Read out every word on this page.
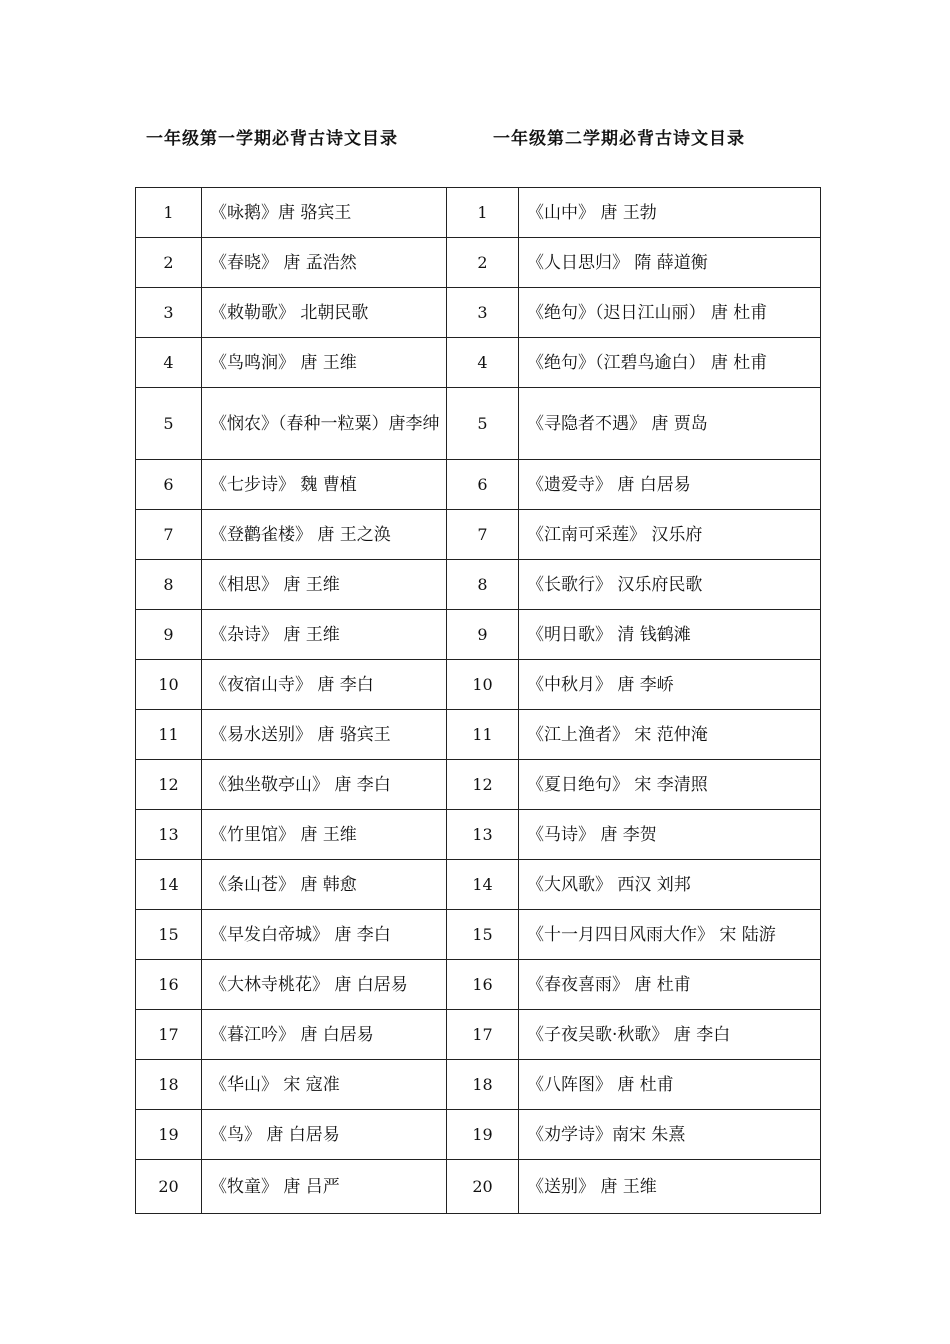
一年级第一学期必背古诗文目录	一年级第二学期必背古诗文目录
1	《咏鹅》唐 骆宾王	1	《山中》 唐 王勃
2	《春晓》 唐 孟浩然	2	《人日思归》 隋 薛道衡
3	《敕勒歌》 北朝民歌	3	《绝句》（迟日江山丽） 唐 杜甫
4	《鸟鸣涧》 唐 王维	4	《绝句》（江碧鸟逾白） 唐 杜甫
5	《悯农》（春种一粒粟）唐李绅	5	《寻隐者不遇》 唐 贾岛
6	《七步诗》 魏 曹植	6	《遗爱寺》 唐 白居易
7	《登鹳雀楼》 唐 王之涣	7	《江南可采莲》 汉乐府
8	《相思》 唐 王维	8	《长歌行》 汉乐府民歌
9	《杂诗》 唐 王维	9	《明日歌》 清 钱鹤滩
10	《夜宿山寺》 唐 李白	10	《中秋月》 唐 李峤
11	《易水送别》 唐 骆宾王	11	《江上渔者》 宋 范仲淹
12	《独坐敬亭山》 唐 李白	12	《夏日绝句》 宋 李清照
13	《竹里馆》 唐 王维	13	《马诗》 唐 李贺
14	《条山苍》 唐 韩愈	14	《大风歌》 西汉 刘邦
15	《早发白帝城》 唐 李白	15	《十一月四日风雨大作》 宋 陆游
16	《大林寺桃花》 唐 白居易	16	《春夜喜雨》 唐 杜甫
17	《暮江吟》 唐 白居易	17	《子夜吴歌·秋歌》 唐 李白
18	《华山》 宋 寇准	18	《八阵图》 唐 杜甫
19	《鸟》 唐 白居易	19	《劝学诗》南宋 朱熹
20	《牧童》 唐 吕严	20	《送别》 唐 王维
